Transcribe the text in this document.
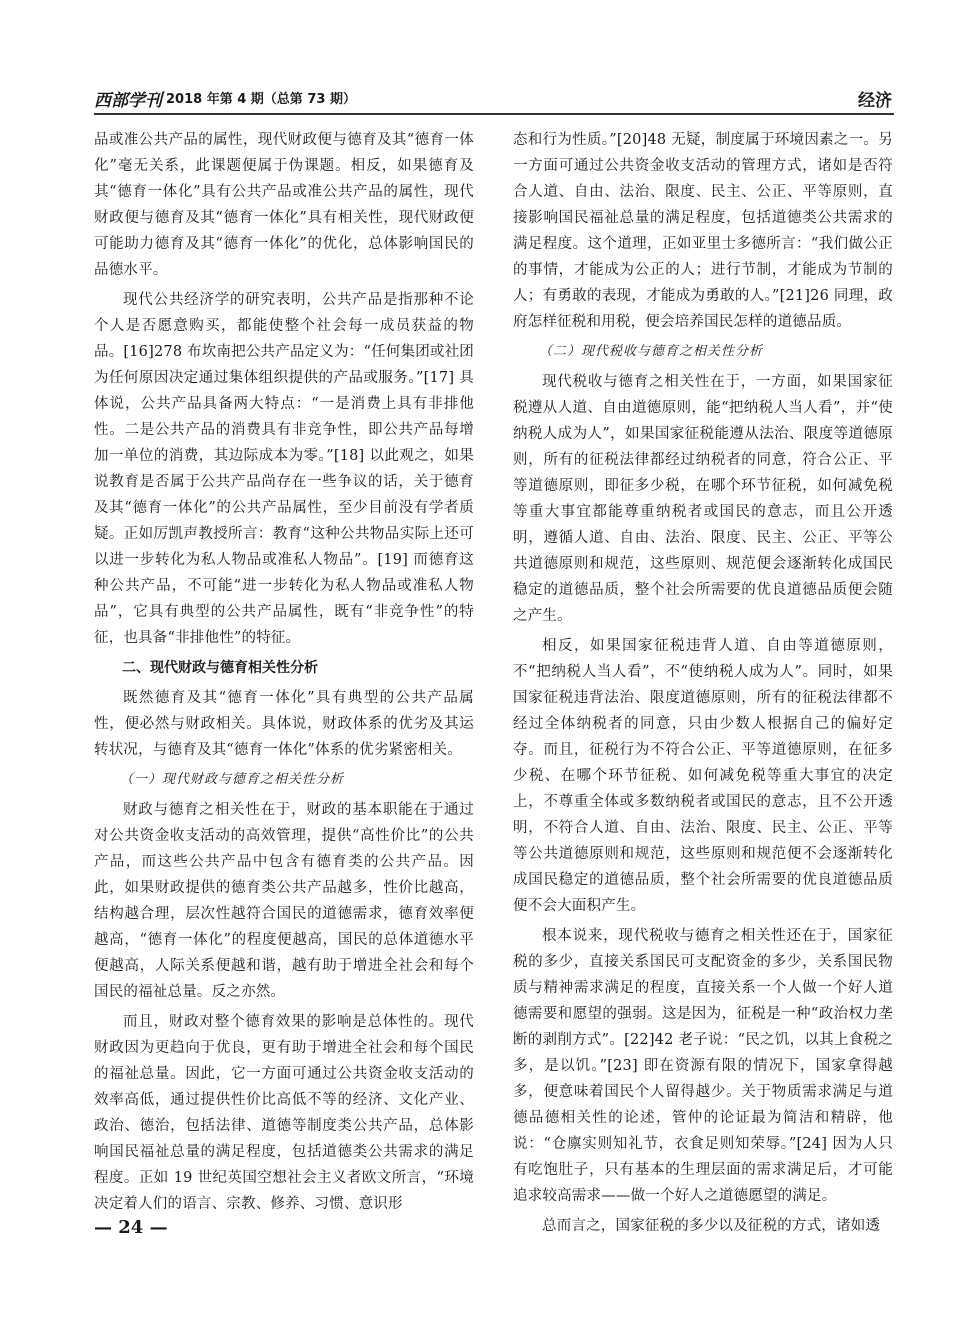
西部学刊 2018 年第 4 期（总第 73 期）	经济

品或准公共产品的属性，现代财政便与德育及其“德育一体化”毫无关系，此课题便属于伪课题。相反，如果德育及其“德育一体化”具有公共产品或准公共产品的属性，现代财政便与德育及其“德育一体化”具有相关性，现代财政便可能助力德育及其“德育一体化”的优化，总体影响国民的品德水平。

现代公共经济学的研究表明，公共产品是指那种不论个人是否愿意购买，都能使整个社会每一成员获益的物品。[16]278 布坎南把公共产品定义为：“任何集团或社团为任何原因决定通过集体组织提供的产品或服务。”[17] 具体说，公共产品具备两大特点：“一是消费上具有非排他性。二是公共产品的消费具有非竞争性，即公共产品每增加一单位的消费，其边际成本为零。”[18] 以此观之，如果说教育是否属于公共产品尚存在一些争议的话，关于德育及其“德育一体化”的公共产品属性，至少目前没有学者质疑。正如厉凯声教授所言：教育“这种公共物品实际上还可以进一步转化为私人物品或准私人物品”。[19] 而德育这种公共产品，不可能“进一步转化为私人物品或准私人物品”，它具有典型的公共产品属性，既有“非竞争性”的特征，也具备“非排他性”的特征。

二、现代财政与德育相关性分析

既然德育及其“德育一体化”具有典型的公共产品属性，便必然与财政相关。具体说，财政体系的优劣及其运转状况，与德育及其“德育一体化”体系的优劣紧密相关。

（一）现代财政与德育之相关性分析

财政与德育之相关性在于，财政的基本职能在于通过对公共资金收支活动的高效管理，提供“高性价比”的公共产品，而这些公共产品中包含有德育类的公共产品。因此，如果财政提供的德育类公共产品越多，性价比越高，结构越合理，层次性越符合国民的道德需求，德育效率便越高，“德育一体化”的程度便越高，国民的总体道德水平便越高，人际关系便越和谐，越有助于增进全社会和每个国民的福祉总量。反之亦然。

而且，财政对整个德育效果的影响是总体性的。现代财政因为更趋向于优良，更有助于增进全社会和每个国民的福祉总量。因此，它一方面可通过公共资金收支活动的效率高低，通过提供性价比高低不等的经济、文化产业、政治、德治，包括法律、道德等制度类公共产品，总体影响国民福祉总量的满足程度，包括道德类公共需求的满足程度。正如 19 世纪英国空想社会主义者欧文所言，“环境决定着人们的语言、宗教、修养、习惯、意识形

态和行为性质。”[20]48 无疑，制度属于环境因素之一。另一方面可通过公共资金收支活动的管理方式，诸如是否符合人道、自由、法治、限度、民主、公正、平等原则，直接影响国民福祉总量的满足程度，包括道德类公共需求的满足程度。这个道理，正如亚里士多德所言：“我们做公正的事情，才能成为公正的人；进行节制，才能成为节制的人；有勇敢的表现，才能成为勇敢的人。”[21]26 同理，政府怎样征税和用税，便会培养国民怎样的道德品质。

（二）现代税收与德育之相关性分析

现代税收与德育之相关性在于，一方面，如果国家征税遵从人道、自由道德原则，能“把纳税人当人看”，并“使纳税人成为人”，如果国家征税能遵从法治、限度等道德原则，所有的征税法律都经过纳税者的同意，符合公正、平等道德原则，即征多少税，在哪个环节征税，如何减免税等重大事宜都能尊重纳税者或国民的意志，而且公开透明，遵循人道、自由、法治、限度、民主、公正、平等公共道德原则和规范，这些原则、规范便会逐渐转化成国民稳定的道德品质，整个社会所需要的优良道德品质便会随之产生。

相反，如果国家征税违背人道、自由等道德原则，不“把纳税人当人看”，不“使纳税人成为人”。同时，如果国家征税违背法治、限度道德原则，所有的征税法律都不经过全体纳税者的同意，只由少数人根据自己的偏好定夺。而且，征税行为不符合公正、平等道德原则，在征多少税、在哪个环节征税、如何减免税等重大事宜的决定上，不尊重全体或多数纳税者或国民的意志，且不公开透明，不符合人道、自由、法治、限度、民主、公正、平等等公共道德原则和规范，这些原则和规范便不会逐渐转化成国民稳定的道德品质，整个社会所需要的优良道德品质便不会大面积产生。

根本说来，现代税收与德育之相关性还在于，国家征税的多少，直接关系国民可支配资金的多少，关系国民物质与精神需求满足的程度，直接关系一个人做一个好人道德需要和愿望的强弱。这是因为，征税是一种“政治权力垄断的剥削方式”。[22]42 老子说：“民之饥，以其上食税之多，是以饥。”[23] 即在资源有限的情况下，国家拿得越多，便意味着国民个人留得越少。关于物质需求满足与道德品德相关性的论述，管仲的论证最为简洁和精辟，他说：“仓廪实则知礼节，衣食足则知荣辱。”[24] 因为人只有吃饱肚子，只有基本的生理层面的需求满足后，才可能追求较高需求——做一个好人之道德愿望的满足。

总而言之，国家征税的多少以及征税的方式，诸如透

— 24 —
